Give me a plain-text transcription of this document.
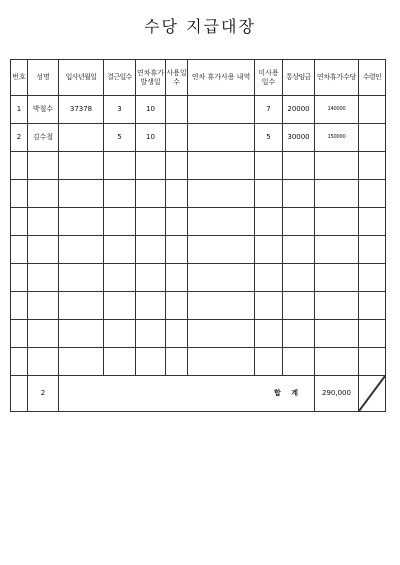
수당 지급대장
번호	성명	입사년월일	결근일수	연차휴가발생일	사용일수	연차 휴가사용 내역	미사용일수	통상임금	연차휴가수당	수령인
1	박철수	37378	3	10			7	20000	140000	
2	김수철		5	10			5	30000	150000	

	2	합 계							290,000	
